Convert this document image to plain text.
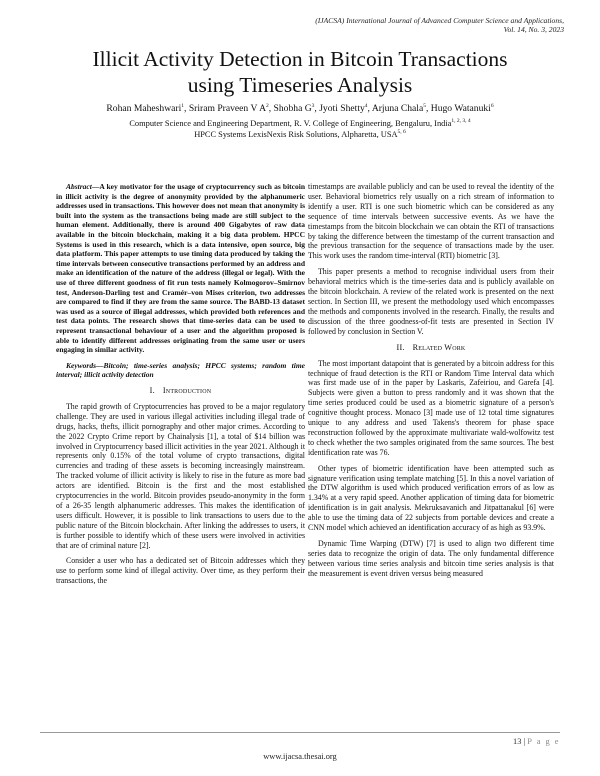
(IJACSA) International Journal of Advanced Computer Science and Applications,
Vol. 14, No. 3, 2023
Illicit Activity Detection in Bitcoin Transactions
using Timeseries Analysis
Rohan Maheshwari$^1$, Sriram Praveen V $A^2$, Shobha $G^3$, Jyoti Shetty$^4$, Arjuna Chala$^5$, Hugo Watanuki$^6$
Computer Science and Engineering Department, R. V. College of Engineering, Bengaluru, India$^{1, 2, 3, 4}$
HPCC Systems LexisNexis Risk Solutions, Alpharetta, USA$^{5, 6}$

Abstract—A key motivator for the usage of cryptocurrency such as bitcoin in illicit activity is the degree of anonymity provided by the alphanumeric addresses used in transactions. This however does not mean that anonymity is built into the system as the transactions being made are still subject to the human element. Additionally, there is around 400 Gigabytes of raw data available in the bitcoin blockchain, making it a big data problem. HPCC Systems is used in this research, which is a data intensive, open source, big data platform. This paper attempts to use timing data produced by taking the time intervals between consecutive transactions performed by an address and make an identification of the nature of the address (illegal or legal). With the use of three different goodness of fit run tests namely Kolmogorov–Smirnov test, Anderson-Darling test and Cramér–von Mises criterion, two addresses are compared to find if they are from the same source. The BABD-13 dataset was used as a source of illegal addresses, which provided both references and test data points. The research shows that time-series data can be used to represent transactional behaviour of a user and the algorithm proposed is able to identify different addresses originating from the same user or users engaging in similar activity.

Keywords—Bitcoin; time-series analysis; HPCC systems; random time interval; illicit activity detection

I. Introduction

The rapid growth of Cryptocurrencies has proved to be a major regulatory challenge. They are used in various illegal activities including illegal trade of drugs, hacks, thefts, illicit pornography and other major crimes. According to the 2022 Crypto Crime report by Chainalysis [1], a total of $14 billion was involved in Cryptocurrency based illicit activities in the year 2021. Although it represents only 0.15% of the total volume of crypto transactions, digital currencies and trading of these assets is becoming increasingly mainstream. The tracked volume of illicit activity is likely to rise in the future as more bad actors are identified. Bitcoin is the first and the most established cryptocurrencies in the world. Bitcoin provides pseudo-anonymity in the form of a 26-35 length alphanumeric addresses. This makes the identification of users difficult. However, it is possible to link transactions to users due to the public nature of the Bitcoin blockchain. After linking the addresses to users, it is further possible to identify which of these users were involved in activities that are of criminal nature [2].

Consider a user who has a dedicated set of Bitcoin addresses which they use to perform some kind of illegal activity. Over time, as they perform their transactions, the

timestamps are available publicly and can be used to reveal the identity of the user. Behavioral biometrics rely usually on a rich stream of information to identify a user. RTI is one such biometric which can be considered as any sequence of time intervals between successive events. As we have the timestamps from the bitcoin blockchain we can obtain the RTI of transactions by taking the difference between the timestamp of the current transaction and the previous transaction for the sequence of transactions made by the user. This work uses the random time-interval (RTI) biometric [3].

This paper presents a method to recognise individual users from their behavioral metrics which is the time-series data and is publicly available on the bitcoin blockchain. A review of the related work is presented on the next section. In Section III, we present the methodology used which encompasses the methods and components involved in the research. Finally, the results and discussion of the three goodness-of-fit tests are presented in Section IV followed by conclusion in Section V.

II. Related Work

The most important datapoint that is generated by a bitcoin address for this technique of fraud detection is the RTI or Random Time Interval data which was first made use of in the paper by Laskaris, Zafeiriou, and Garefa [4]. Subjects were given a button to press randomly and it was shown that the time series produced could be used as a biometric signature of a person's cognitive thought process. Monaco [3] made use of 12 total time signatures unique to any address and used Takens's theorem for phase space reconstruction followed by the approximate multivariate wald-wolfowitz test to check whether the two samples originated from the same sources. The best identification rate was 76.

Other types of biometric identification have been attempted such as signature verification using template matching [5]. In this a novel variation of the DTW algorithm is used which produced verification errors of as low as 1.34% at a very rapid speed. Another application of timing data for biometric identification is in gait analysis. Mekruksavanich and Jitpattanakul [6] were able to use the timing data of 22 subjects from portable devices and create a CNN model which achieved an identification accuracy of as high as 93.9%.

Dynamic Time Warping (DTW) [7] is used to align two different time series data to recognize the origin of data. The only fundamental difference between various time series analysis and bitcoin time series analysis is that the measurement is event driven versus being measured

13 | P a g e
www.ijacsa.thesai.org
